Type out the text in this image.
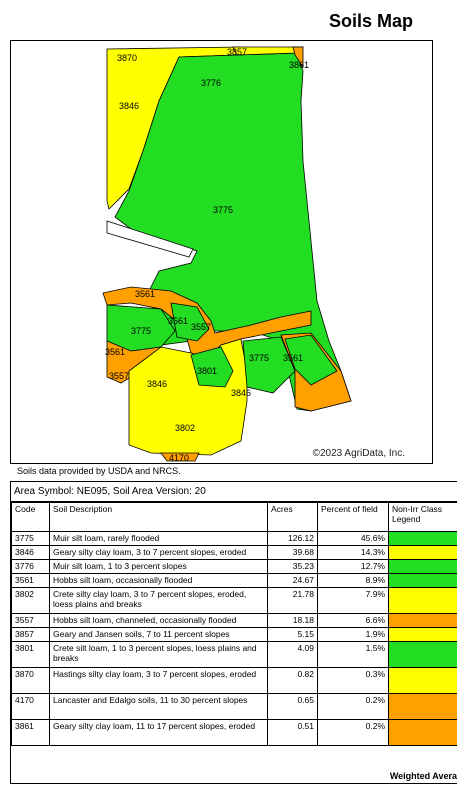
Soils Map
3870
3857
3861
3776
3846
3775
3561
3561
3775	3557
3561
3557
3846
3801
3775 3561
3846
3802
4170	©2023 AgriData, Inc.
Soils data provided by USDA and NRCS.
Area Symbol: NE095, Soil Area Version: 20
Code	Soil Description	Acres	Percent of field	Non-Irr Class Legend
3775	Muir silt loam, rarely flooded	126.12	45.6%	
3846	Geary silty clay loam, 3 to 7 percent slopes, eroded	39.68	14.3%	
3776	Muir silt loam, 1 to 3 percent slopes	35.23	12.7%	
3561	Hobbs silt loam, occasionally flooded	24.67	8.9%	
3802	Crete silty clay loam, 3 to 7 percent slopes, eroded, loess plains and breaks	21.78	7.9%	
3557	Hobbs silt loam, channeled, occasionally flooded	18.18	6.6%	
3857	Geary and Jansen soils, 7 to 11 percent slopes	5.15	1.9%	
3801	Crete silt loam, 1 to 3 percent slopes, loess plains and breaks	4.09	1.5%	
3870	Hastings silty clay loam, 3 to 7 percent slopes, eroded	0.82	0.3%	
4170	Lancaster and Edalgo soils, 11 to 30 percent slopes	0.65	0.2%	
3861	Geary silty clay loam, 11 to 17 percent slopes, eroded	0.51	0.2%	
Weighted Avera
